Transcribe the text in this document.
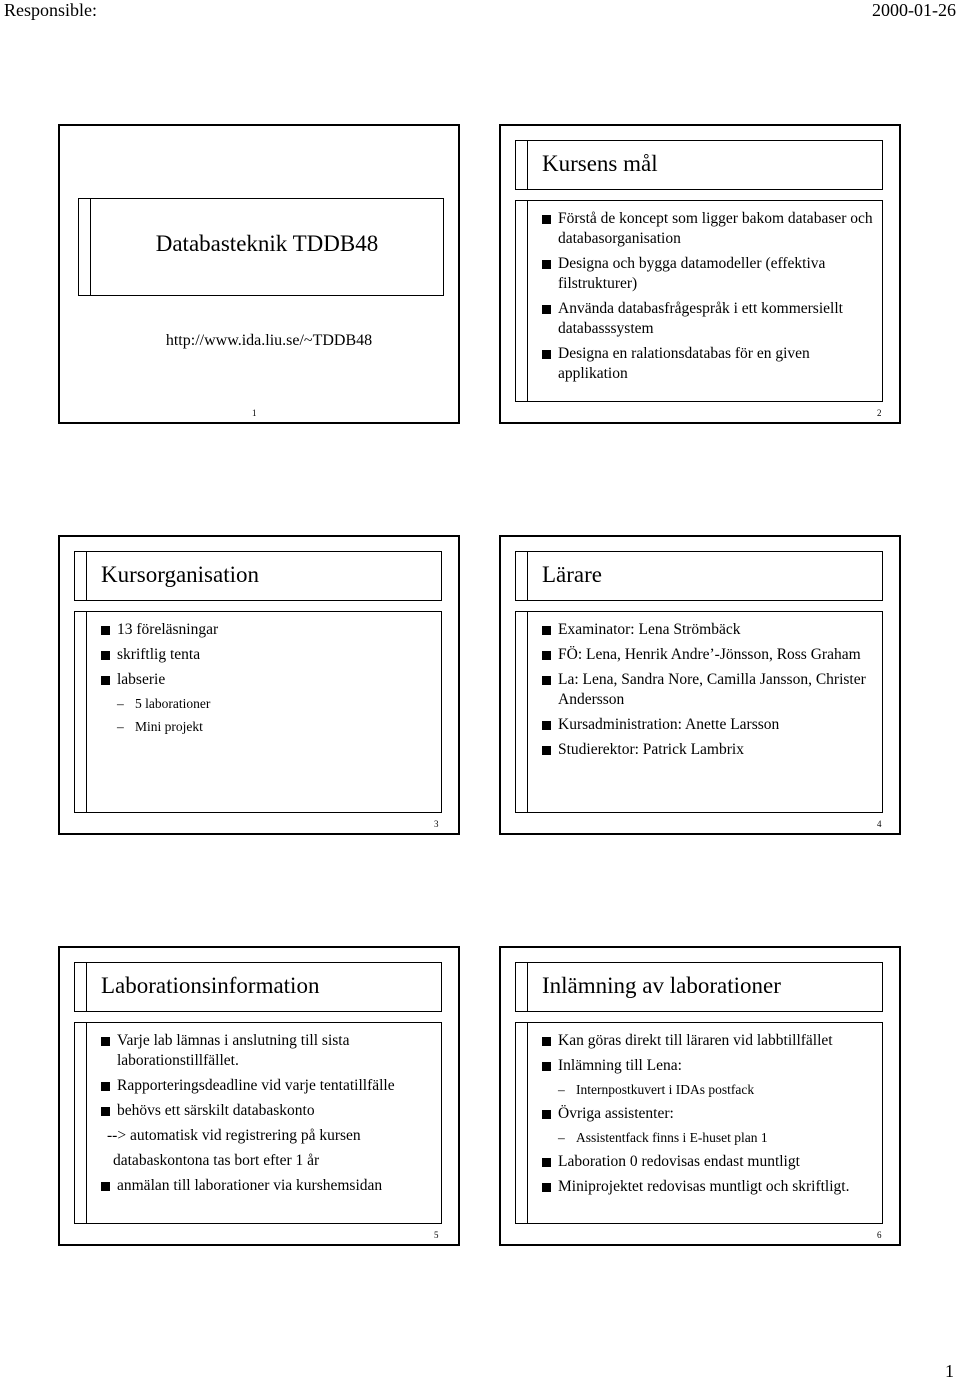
Responsible:	2000-01-26
Databasteknik TDDB48
http://www.ida.liu.se/~TDDB48
1
Kursens mål
Förstå de koncept som ligger bakom databaser och databasorganisation
Designa och bygga datamodeller (effektiva filstrukturer)
Använda databasfrågespråk i ett kommersiellt databasssystem
Designa en ralationsdatabas för en given applikation
2
Kursorganisation
13 föreläsningar
skriftlig tenta
labserie
– 5 laborationer
– Mini projekt
3
Lärare
Examinator: Lena Strömbäck
FÖ: Lena, Henrik Andre’-Jönsson, Ross Graham
La: Lena, Sandra Nore, Camilla Jansson, Christer Andersson
Kursadministration: Anette Larsson
Studierektor: Patrick Lambrix
4
Laborationsinformation
Varje lab lämnas i anslutning till sista laborationstillfället.
Rapporteringsdeadline vid varje tentatillfälle
behövs ett särskilt databaskonto
--> automatisk vid registrering på kursen
databaskontona tas bort efter 1 år
anmälan till laborationer via kurshemsidan
5
Inlämning av laborationer
Kan göras direkt till läraren vid labbtillfället
Inlämning till Lena:
– Internpostkuvert i IDAs postfack
Övriga assistenter:
– Assistentfack finns i E-huset plan 1
Laboration 0 redovisas endast muntligt
Miniprojektet redovisas muntligt och skriftligt.
6
1
